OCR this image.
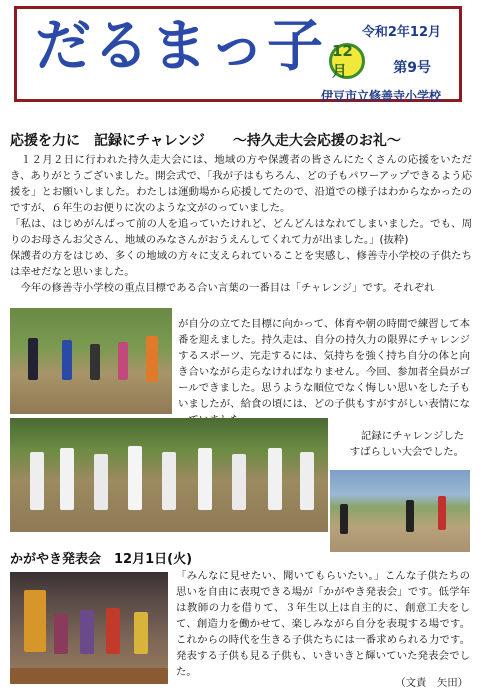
だるまっ子	令和2年12月
12月	第9号
伊豆市立修善寺小学校
応援を力に　記録にチャレンジ　　～持久走大会応援のお礼～

　１２月２日に行われた持久走大会には、地域の方や保護者の皆さんにたくさんの応援をいただき、ありがとうございました。開会式で、「我が子はもちろん、どの子もパワーアップできるよう応援を」とお願いしました。わたしは運動場から応援してたので、沿道での様子はわからなかったのですが、６年生のお便りに次のような文がのっていました。

「私は、はじめがんばって前の人を追っていたけれど、どんどんはなれてしまいました。でも、周りのお母さんお父さん、地域のみなさんがおうえんしてくれて力が出ました。」(抜粋)

保護者の方をはじめ、多くの地域の方々に支えられていることを実感し、修善寺小学校の子供たちは幸せだなと思いました。

　今年の修善寺小学校の重点目標である合い言葉の一番目は「チャレンジ」です。それぞれ

が自分の立てた目標に向かって、体育や朝の時間で練習して本番を迎えました。持久走は、自分の持久力の限界にチャレンジするスポーツ、完走するには、気持ちを強く持ち自分の体と向き合いながら走らなければなりません。今回、参加者全員がゴールできました。思うような順位でなく悔しい思いをした子もいましたが、給食の頃には、どの子供もすがすがしい表情にな

記録にチャレンジした

すばらしい大会でした。

かがやき発表会　12月1日(火)

「みんなに見せたい、聞いてもらいたい。」こんな子供たちの思いを自由に表現できる場が「かがやき発表会」です。低学年は教師の力を借りて、３年生以上は自主的に、創意工夫をして、創造力を働かせて、楽しみながら自分を表現する場です。これからの時代を生きる子供たちには一番求められる力です。発表する子供も見る子供も、いきいきと輝いていた発表会でした。

（文責　矢田）
